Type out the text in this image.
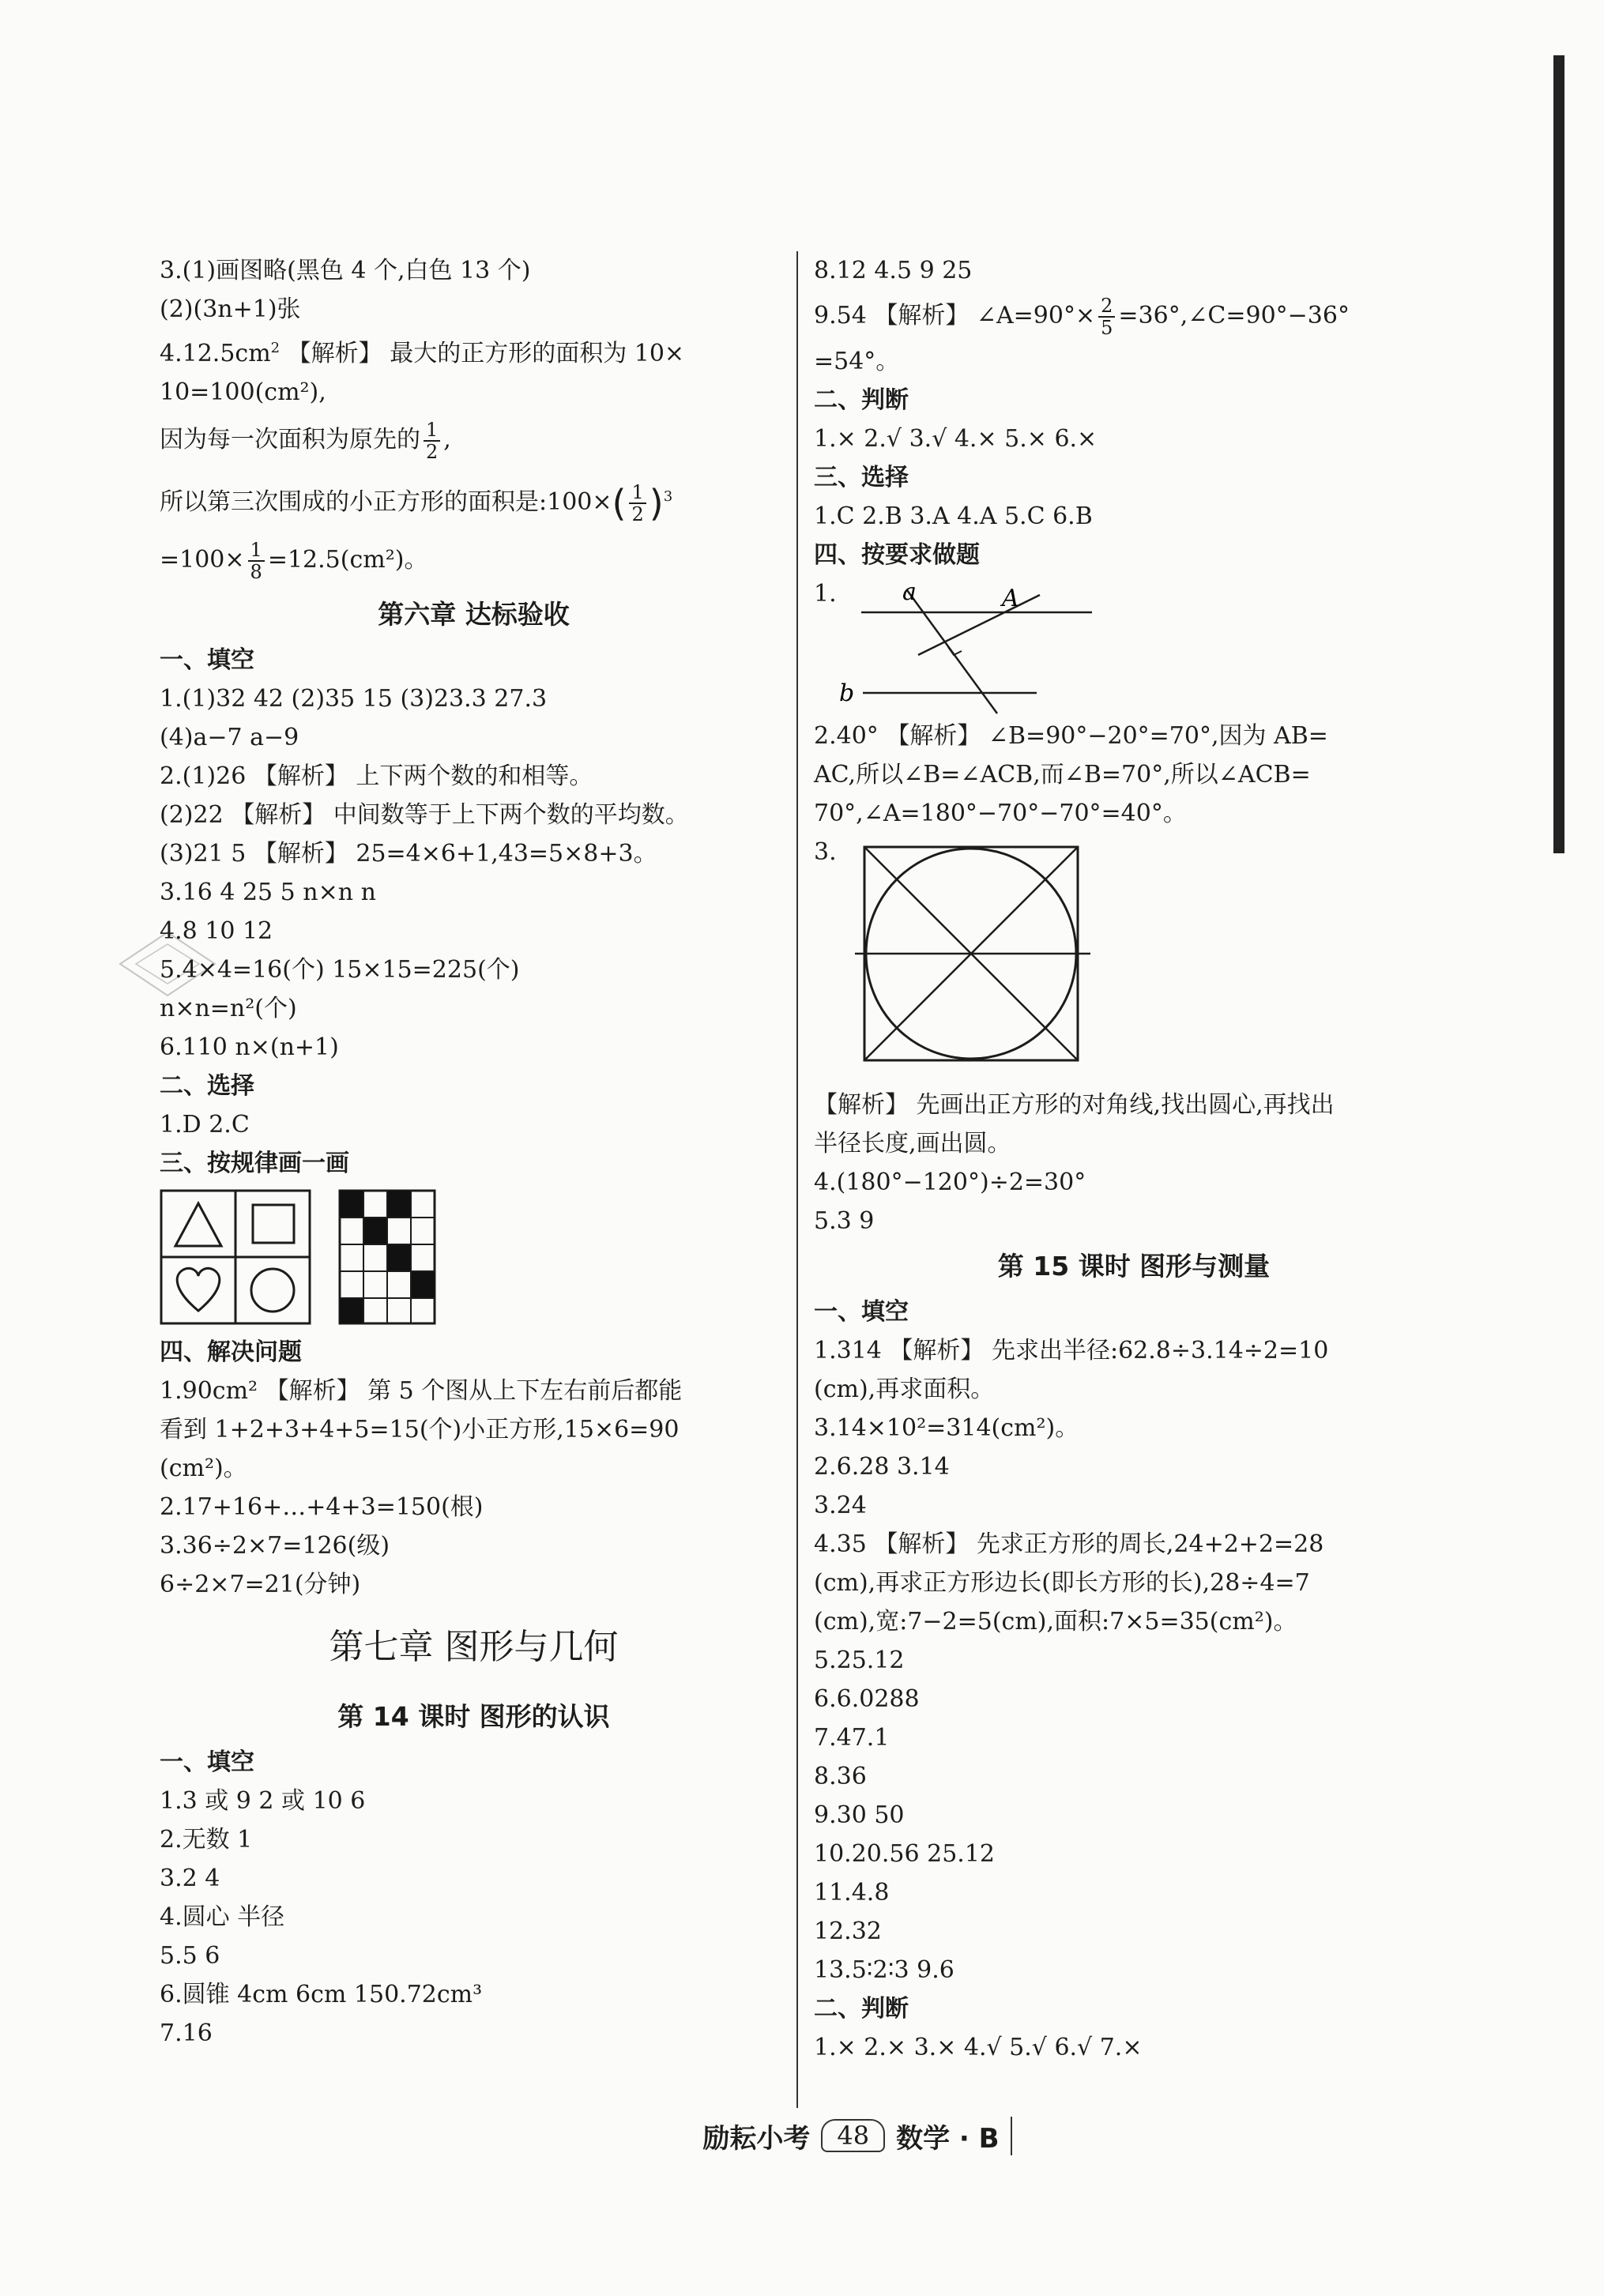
3.(1)画图略(黑色 4 个,白色 13 个)
(2)(3n+1)张
$4.12.5cm^2$ 【解析】 最大的正方形的面积为 10×
10=100(cm²),
因为每一次面积为原先的 $\frac{1}{2}$ ,
所以第三次围成的小正方形的面积是:100×( $\frac{1}{2} )^3$
$=100\times \frac{1}{8} =12.5(cm^2)$。
第六章 达标验收
一、填空
1.(1)32 42 (2)35 15 (3)23.3 27.3
(4)a−7 a−9
2.(1)26 【解析】 上下两个数的和相等。
(2)22 【解析】 中间数等于上下两个数的平均数。
(3)21 5 【解析】 25=4×6+1,43=5×8+3。
3.16 4 25 5 n×n n
4.8 10 12
5.4×4=16(个) 15×15=225(个)
n×n=n²(个)
6.110 n×(n+1)
二、选择
1.D 2.C
三、按规律画一画
四、解决问题
1.90cm² 【解析】 第 5 个图从上下左右前后都能
看到 1+2+3+4+5=15(个)小正方形,15×6=90
(cm²)。
2.17+16+…+4+3=150(根)
3.36÷2×7=126(级)
6÷2×7=21(分钟)
第七章 图形与几何
第 14 课时 图形的认识
一、填空
1.3 或 9 2 或 10 6
2.无数 1
3.2 4
4.圆心 半径
5.5 6
6.圆锥 4cm 6cm 150.72cm³
7.16
8.12 4.5 9 25
9.54 【解析】 ∠A=90°× $\frac{2}{5}$ =36°,∠C=90°−36°
=54°。
二、判断
1.× 2.√ 3.√ 4.× 5.× 6.×
三、选择
1.C 2.B 3.A 4.A 5.C 6.B
四、按要求做题
1.	a	A
b
2.40° 【解析】 ∠B=90°−20°=70°,因为 AB=
AC,所以∠B=∠ACB,而∠B=70°,所以∠ACB=
70°,∠A=180°−70°−70°=40°。
3.
【解析】 先画出正方形的对角线,找出圆心,再找出
半径长度,画出圆。
4.(180°−120°)÷2=30°
5.3 9
第 15 课时 图形与测量
一、填空
1.314 【解析】 先求出半径:62.8÷3.14÷2=10
(cm),再求面积。
3.14×10²=314(cm²)。
2.6.28 3.14
3.24
4.35 【解析】 先求正方形的周长,24+2+2=28
(cm),再求正方形边长(即长方形的长),28÷4=7
(cm),宽:7−2=5(cm),面积:7×5=35(cm²)。
5.25.12
6.6.0288
7.47.1
8.36
9.30 50
10.20.56 25.12
11.4.8
12.32
13.5∶2∶3 9.6
二、判断
1.× 2.× 3.× 4.√ 5.√ 6.√ 7.×
励耘小考	48	数学 · B
